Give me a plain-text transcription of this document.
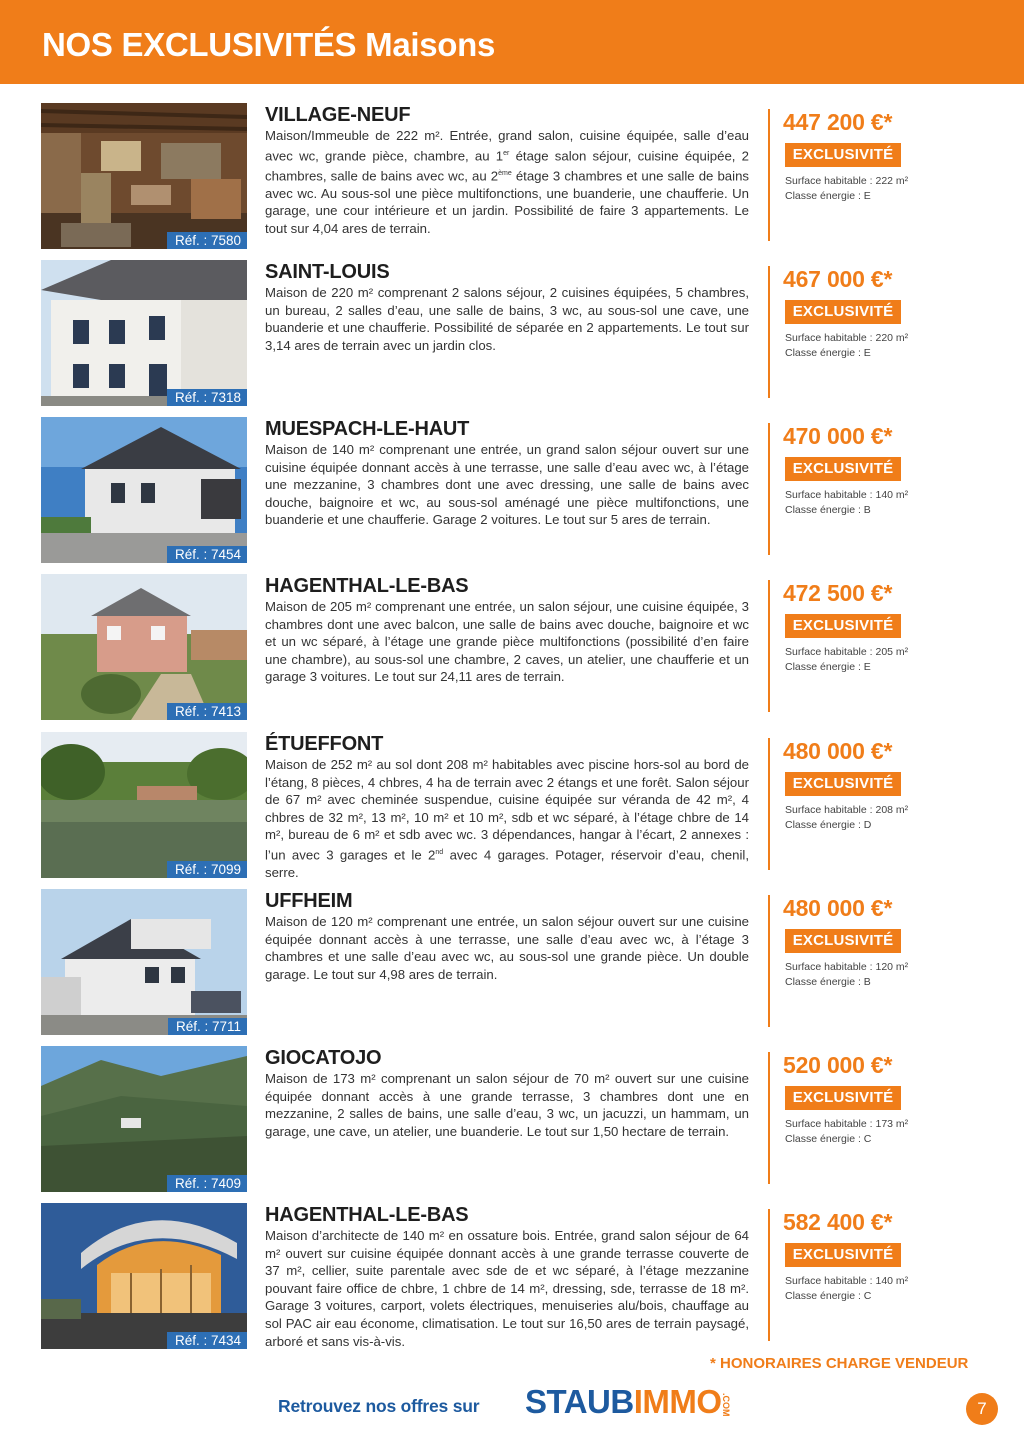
NOS EXCLUSIVITÉS Maisons
Réf. : 7580
VILLAGE-NEUF

Maison/Immeuble de 222 m². Entrée, grand salon, cuisine équipée, salle d’eau avec wc, grande pièce, chambre, au 1er étage salon séjour, cuisine équipée, 2 chambres, salle de bains avec wc, au 2ème étage 3 chambres et une salle de bains avec wc. Au sous-sol une pièce multifonctions, une buanderie, une chaufferie. Un garage, une cour intérieure et un jardin. Possibilité de faire 3 appartements. Le tout sur 4,04 ares de terrain.

447 200 €*
EXCLUSIVITÉ
Surface habitable : 222 m²
Classe énergie : E
Réf. : 7318
SAINT-LOUIS

Maison de 220 m² comprenant 2 salons séjour, 2 cuisines équipées, 5 chambres, un bureau, 2 salles d’eau, une salle de bains, 3 wc, au sous-sol une cave, une buanderie et une chaufferie. Possibilité de séparée en 2 appartements. Le tout sur 3,14 ares de terrain avec un jardin clos.

467 000 €*
EXCLUSIVITÉ
Surface habitable : 220 m²
Classe énergie : E
Réf. : 7454
MUESPACH-LE-HAUT

Maison de 140 m² comprenant une entrée, un grand salon séjour ouvert sur une cuisine équipée donnant accès à une terrasse, une salle d’eau avec wc, à l’étage une mezzanine, 3 chambres dont une avec dressing, une salle de bains avec douche, baignoire et wc, au sous-sol aménagé une pièce multifonctions, une buanderie et une chaufferie. Garage 2 voitures. Le tout sur 5 ares de terrain.

470 000 €*
EXCLUSIVITÉ
Surface habitable : 140 m²
Classe énergie : B
Réf. : 7413
HAGENTHAL-LE-BAS

Maison de 205 m² comprenant une entrée, un salon séjour, une cuisine équipée, 3 chambres dont une avec balcon, une salle de bains avec douche, baignoire et wc et un wc séparé, à l’étage une grande pièce multifonctions (possibilité d’en faire une chambre), au sous-sol une chambre, 2 caves, un atelier, une chaufferie et un garage 3 voitures. Le tout sur 24,11 ares de terrain.

472 500 €*
EXCLUSIVITÉ
Surface habitable : 205 m²
Classe énergie : E
Réf. : 7099
ÉTUEFFONT

Maison de 252 m² au sol dont 208 m² habitables avec piscine hors-sol au bord de l’étang, 8 pièces, 4 chbres, 4 ha de terrain avec 2 étangs et une forêt. Salon séjour de 67 m² avec cheminée suspendue, cuisine équipée sur véranda de 42 m², 4 chbres de 32 m², 13 m², 10 m² et 10 m², sdb et wc séparé, à l’étage chbre de 14 m², bureau de 6 m² et sdb avec wc. 3 dépendances, hangar à l’écart, 2 annexes : l’un avec 3 garages et le 2nd avec 4 garages. Potager, réservoir d’eau, chenil, serre.

480 000 €*
EXCLUSIVITÉ
Surface habitable : 208 m²
Classe énergie : D
Réf. : 7711
UFFHEIM

Maison de 120 m² comprenant une entrée, un salon séjour ouvert sur une cuisine équipée donnant accès à une terrasse, une salle d’eau avec wc, à l’étage 3 chambres et une salle d’eau avec wc, au sous-sol une grande pièce. Un double garage. Le tout sur 4,98 ares de terrain.

480 000 €*
EXCLUSIVITÉ
Surface habitable : 120 m²
Classe énergie : B
Réf. : 7409
GIOCATOJO

Maison de 173 m² comprenant un salon séjour de 70 m² ouvert sur une cuisine équipée donnant accès à une grande terrasse, 3 chambres dont une en mezzanine, 2 salles de bains, une salle d’eau, 3 wc, un jacuzzi, un hammam, un garage, une cave, un atelier, une buanderie. Le tout sur 1,50 hectare de terrain.

520 000 €*
EXCLUSIVITÉ
Surface habitable : 173 m²
Classe énergie : C
Réf. : 7434
HAGENTHAL-LE-BAS

Maison d’architecte de 140 m² en ossature bois. Entrée, grand salon séjour de 64 m² ouvert sur cuisine équipée donnant accès à une grande terrasse couverte de 37 m², cellier, suite parentale avec sde de et wc séparé, à l’étage mezzanine pouvant faire office de chbre, 1 chbre de 14 m², dressing, sde, terrasse de 18 m². Garage 3 voitures, carport, volets électriques, menuiseries alu/bois, chauffage au sol PAC air eau économe, climatisation. Le tout sur 16,50 ares de terrain paysagé, arboré et sans vis-à-vis.

582 400 €*
EXCLUSIVITÉ
Surface habitable : 140 m²
Classe énergie : C
* HONORAIRES CHARGE VENDEUR
Retrouvez nos offres sur STAUBIMMO .COM	7
